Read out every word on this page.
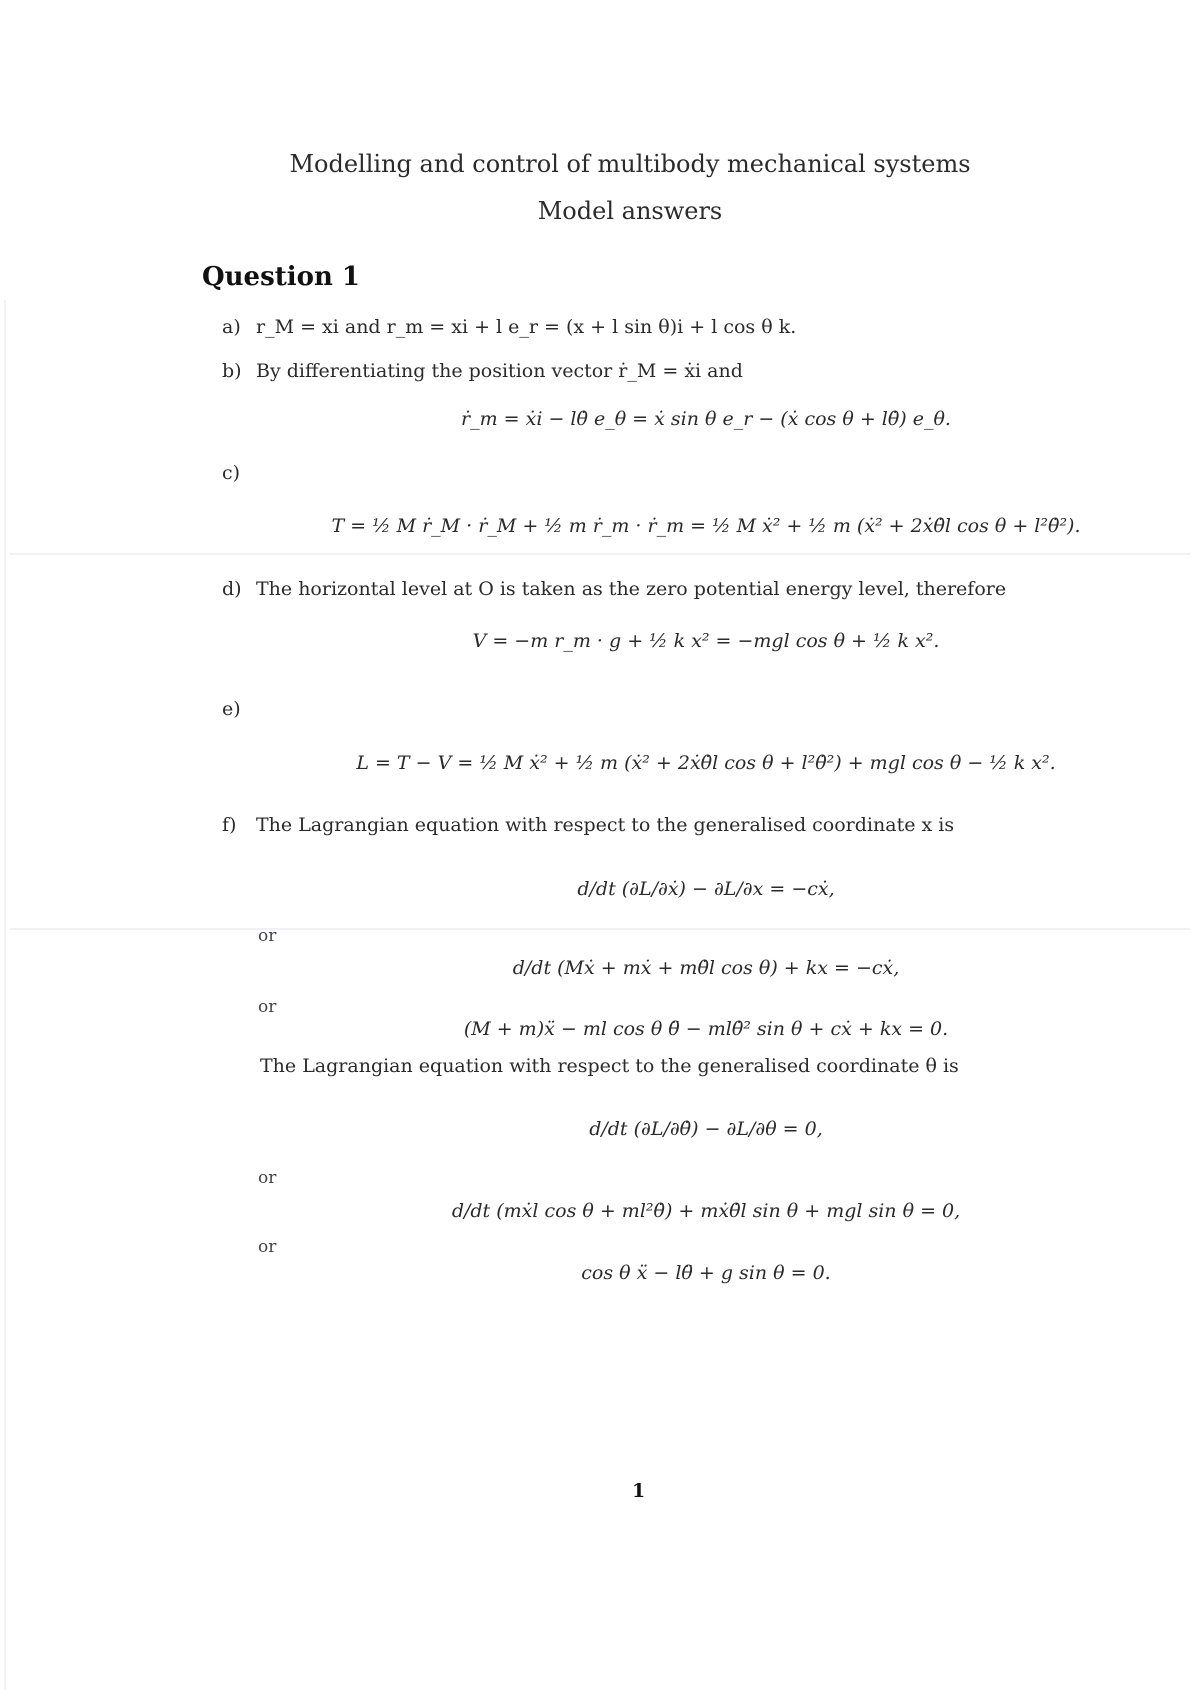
Modelling and control of multibody mechanical systems
Model answers
Question 1
a) r_M = xi and r_m = xi + l e_r = (x + l sin θ)i + l cos θ k.
b) By differentiating the position vector ṙ_M = ẋi and
ṙ_m = ẋi − lθ̇ e_θ = ẋ sin θ e_r − (ẋ cos θ + lθ̇) e_θ.
c)
T = ½ M ṙ_M · ṙ_M + ½ m ṙ_m · ṙ_m = ½ M ẋ² + ½ m (ẋ² + 2ẋθ̇l cos θ + l²θ̇²).
d) The horizontal level at O is taken as the zero potential energy level, therefore
V = −m r_m · g + ½ k x² = −mgl cos θ + ½ k x².
e)
L = T − V = ½ M ẋ² + ½ m (ẋ² + 2ẋθ̇l cos θ + l²θ̇²) + mgl cos θ − ½ k x².
f) The Lagrangian equation with respect to the generalised coordinate x is
d/dt (∂L/∂ẋ) − ∂L/∂x = −cẋ,
or
d/dt (Mẋ + mẋ + mθ̇l cos θ) + kx = −cẋ,
or
(M + m)ẍ − ml cos θ θ̈ − mlθ̇² sin θ + cẋ + kx = 0.
The Lagrangian equation with respect to the generalised coordinate θ is
d/dt (∂L/∂θ̇) − ∂L/∂θ = 0,
or
d/dt (mẋl cos θ + ml²θ̇) + mẋθ̇l sin θ + mgl sin θ = 0,
or
cos θ ẍ − lθ̈ + g sin θ = 0.
1
